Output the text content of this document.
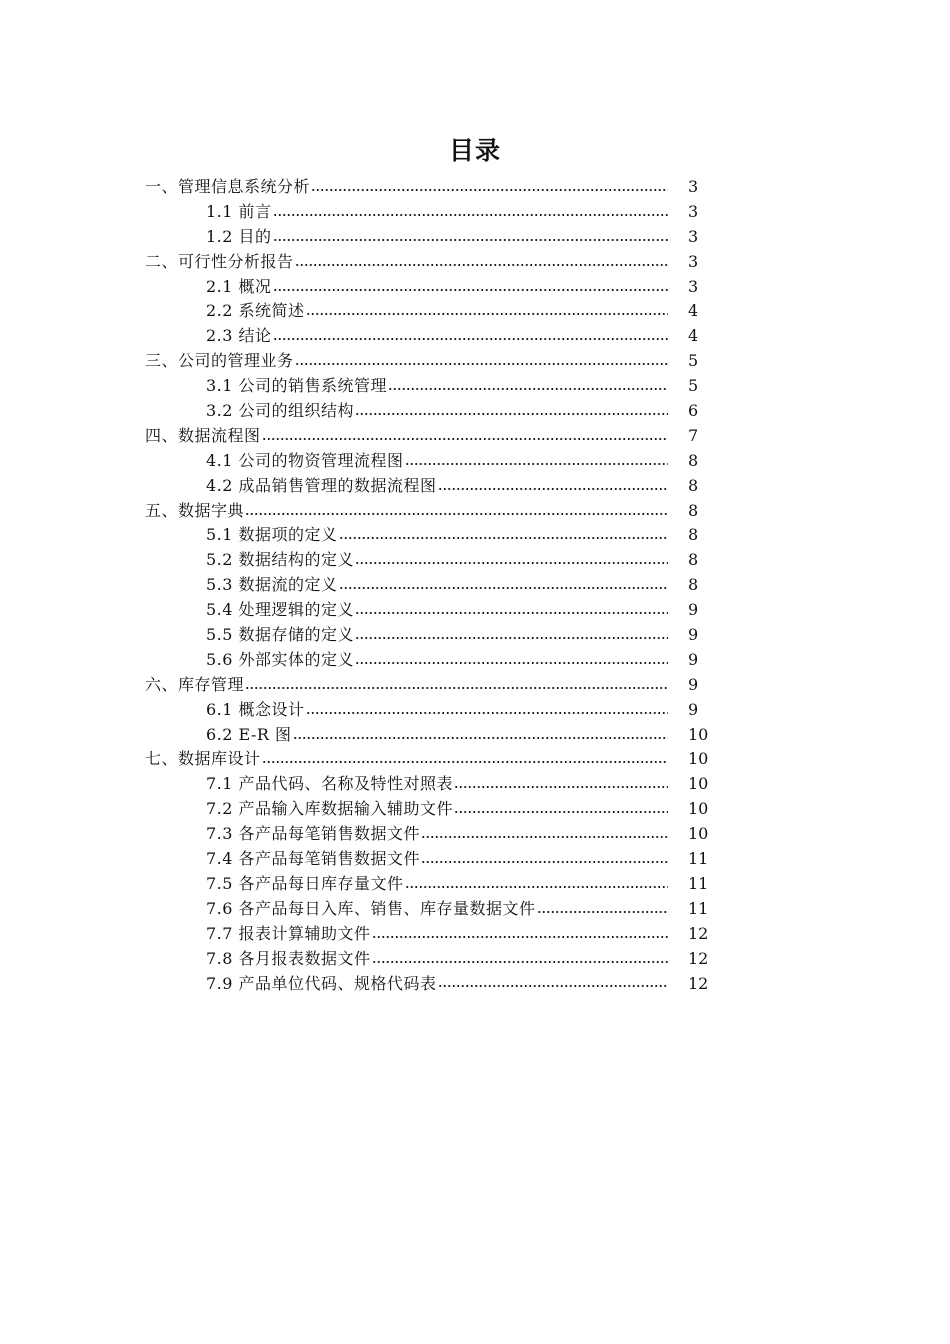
目录
一、管理信息系统分析	3
1.1 前言	3
1.2 目的	3
二、可行性分析报告	3
2.1 概况	3
2.2 系统简述	4
2.3 结论	4
三、公司的管理业务	5
3.1 公司的销售系统管理	5
3.2 公司的组织结构	6
四、数据流程图	7
4.1 公司的物资管理流程图	8
4.2 成品销售管理的数据流程图	8
五、数据字典	8
5.1 数据项的定义	8
5.2 数据结构的定义	8
5.3 数据流的定义	8
5.4 处理逻辑的定义	9
5.5 数据存储的定义	9
5.6 外部实体的定义	9
六、库存管理	9
6.1 概念设计	9
6.2 E-R 图	10
七、数据库设计	10
7.1 产品代码、名称及特性对照表	10
7.2 产品输入库数据输入辅助文件	10
7.3 各产品每笔销售数据文件	10
7.4 各产品每笔销售数据文件	11
7.5 各产品每日库存量文件	11
7.6 各产品每日入库、销售、库存量数据文件	11
7.7 报表计算辅助文件	12
7.8 各月报表数据文件	12
7.9 产品单位代码、规格代码表	12
